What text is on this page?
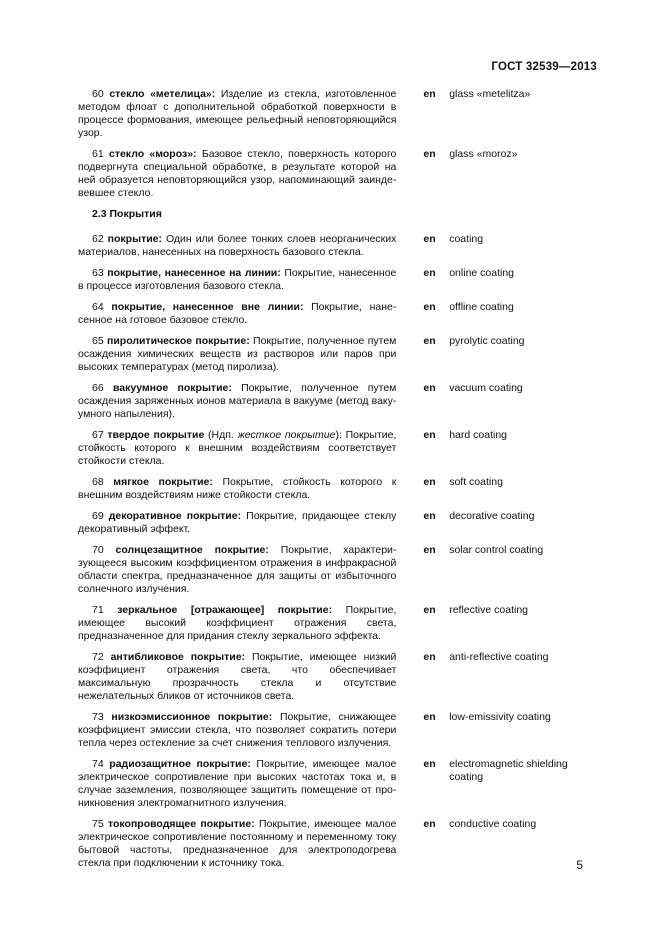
ГОСТ 32539—2013
60 стекло «метелица»: Изделие из стекла, изготовленное методом флоат с дополнительной обработкой поверхности в процессе формования, имеющее рельефный неповторяющийся узор.
en	glass «metelitza»
61 стекло «мороз»: Базовое стекло, поверхность которого подвергнута специальной обработке, в результате которой на ней образуется неповторяющийся узор, напоминающий заиндевевшее стекло.
en	glass «moroz»
2.3 Покрытия
62 покрытие: Один или более тонких слоев неорганических материалов, нанесенных на поверхность базового стекла.
en	coating
63 покрытие, нанесенное на линии: Покрытие, нанесенное в процессе изготовления базового стекла.
en	online coating
64 покрытие, нанесенное вне линии: Покрытие, нанесенное на готовое базовое стекло.
en	offline coating
65 пиролитическое покрытие: Покрытие, полученное путем осаждения химических веществ из растворов или паров при высоких температурах (метод пиролиза).
en	pyrolytic coating
66 вакуумное покрытие: Покрытие, полученное путем осаждения заряженных ионов материала в вакууме (метод вакуумного напыления).
en	vacuum coating
67 твердое покрытие (Ндп. жесткое покрытие): Покрытие, стойкость которого к внешним воздействиям соответствует стойкости стекла.
en	hard coating
68 мягкое покрытие: Покрытие, стойкость которого к внешним воздействиям ниже стойкости стекла.
en	soft coating
69 декоративное покрытие: Покрытие, придающее стеклу декоративный эффект.
en	decorative coating
70 солнцезащитное покрытие: Покрытие, характеризующееся высоким коэффициентом отражения в инфракрасной области спектра, предназначенное для защиты от избыточного солнечного излучения.
en	solar control coating
71 зеркальное [отражающее] покрытие: Покрытие, имеющее высокий коэффициент отражения света, предназначенное для придания стеклу зеркального эффекта.
en	reflective coating
72 антибликовое покрытие: Покрытие, имеющее низкий коэффициент отражения света, что обеспечивает максимальную прозрачность стекла и отсутствие нежелательных бликов от источников света.
en	anti-reflective coating
73 низкоэмиссионное покрытие: Покрытие, снижающее коэффициент эмиссии стекла, что позволяет сократить потери тепла через остекление за счет снижения теплового излучения.
en	low-emissivity coating
74 радиозащитное покрытие: Покрытие, имеющее малое электрическое сопротивление при высоких частотах тока и, в случае заземления, позволяющее защитить помещение от проникновения электромагнитного излучения.
en	electromagnetic shielding coating
75 токопроводящее покрытие: Покрытие, имеющее малое электрическое сопротивление постоянному и переменному току бытовой частоты, предназначенное для электроподогрева стекла при подключении к источнику тока.
en	conductive coating
5
